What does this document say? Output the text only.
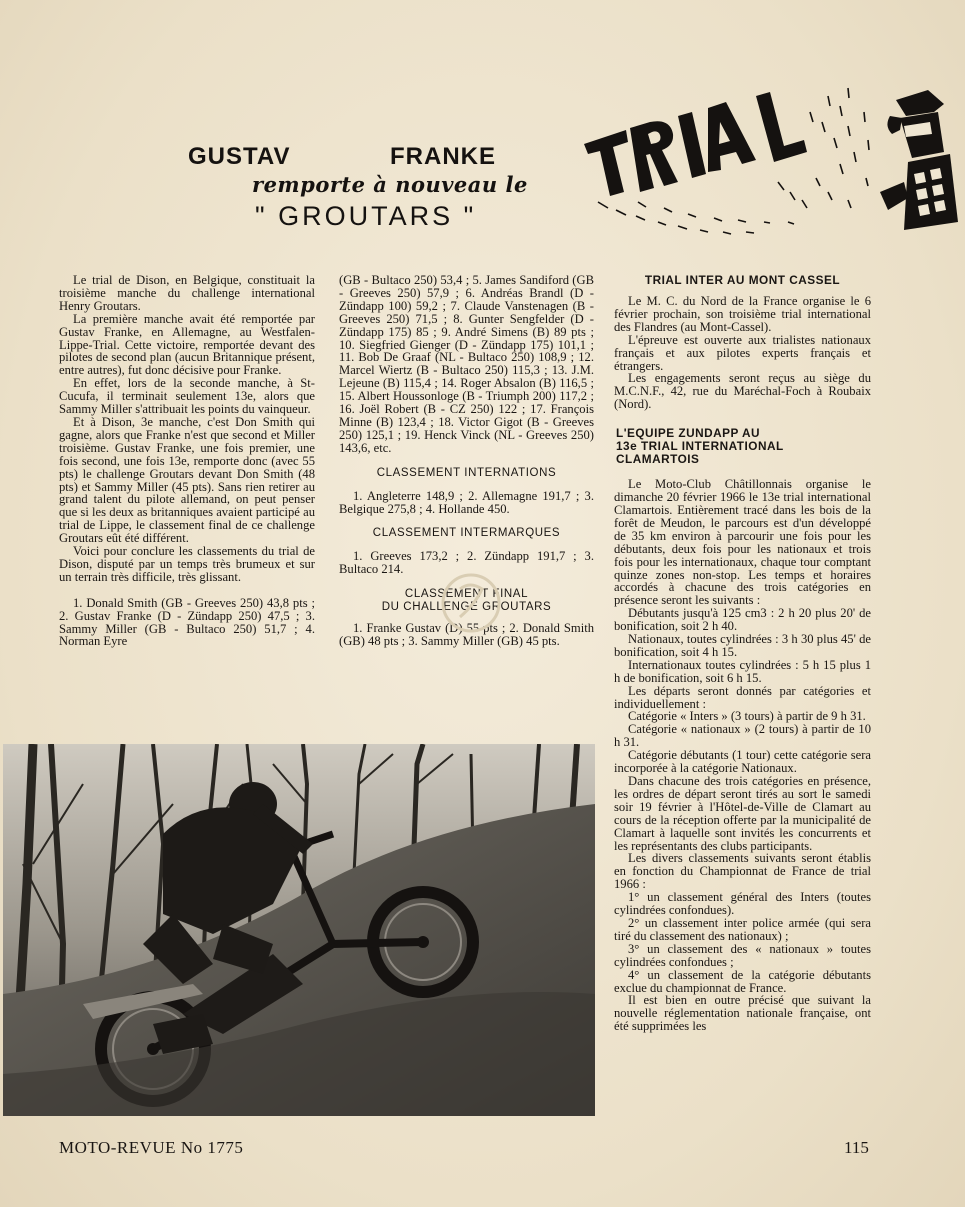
GUSTAV	FRANKE
remporte à nouveau le
" GROUTARS "

Le trial de Dison, en Belgique, constituait la troisième manche du challenge international Henry Groutars.

La première manche avait été remportée par Gustav Franke, en Allemagne, au Westfalen-Lippe-Trial. Cette victoire, remportée devant des pilotes de second plan (aucun Britannique présent, entre autres), fut donc décisive pour Franke.

En effet, lors de la seconde manche, à St-Cucufa, il terminait seulement 13e, alors que Sammy Miller s'attribuait les points du vainqueur.

Et à Dison, 3e manche, c'est Don Smith qui gagne, alors que Franke n'est que second et Miller troisième. Gustav Franke, une fois premier, une fois second, une fois 13e, remporte donc (avec 55 pts) le challenge Groutars devant Don Smith (48 pts) et Sammy Miller (45 pts). Sans rien retirer au grand talent du pilote allemand, on peut penser que si les deux as britanniques avaient participé au trial de Lippe, le classement final de ce challenge Groutars eût été différent.

Voici pour conclure les classements du trial de Dison, disputé par un temps très brumeux et sur un terrain très difficile, très glissant.

1. Donald Smith (GB - Greeves 250) 43,8 pts ; 2. Gustav Franke (D - Zündapp 250) 47,5 ; 3. Sammy Miller (GB - Bultaco 250) 51,7 ; 4. Norman Eyre

(GB - Bultaco 250) 53,4 ; 5. James Sandiford (GB - Greeves 250) 57,9 ; 6. Andréas Brandl (D - Zündapp 100) 59,2 ; 7. Claude Vanstenagen (B - Greeves 250) 71,5 ; 8. Gunter Sengfelder (D - Zündapp 175) 85 ; 9. André Simens (B) 89 pts ; 10. Siegfried Gienger (D - Zündapp 175) 101,1 ; 11. Bob De Graaf (NL - Bultaco 250) 108,9 ; 12. Marcel Wiertz (B - Bultaco 250) 115,3 ; 13. J.M. Lejeune (B) 115,4 ; 14. Roger Absalon (B) 116,5 ; 15. Albert Houssonloge (B - Triumph 200) 117,2 ; 16. Joël Robert (B - CZ 250) 122 ; 17. François Minne (B) 123,4 ; 18. Victor Gigot (B - Greeves 250) 125,1 ; 19. Henck Vinck (NL - Greeves 250) 143,6, etc.

CLASSEMENT INTERNATIONS

1. Angleterre 148,9 ; 2. Allemagne 191,7 ; 3. Belgique 275,8 ; 4. Hollande 450.

CLASSEMENT INTERMARQUES

1. Greeves 173,2 ; 2. Zündapp 191,7 ; 3. Bultaco 214.

CLASSEMENT FINAL
DU CHALLENGE GROUTARS

1. Franke Gustav (D) 55 pts ; 2. Donald Smith (GB) 48 pts ; 3. Sammy Miller (GB) 45 pts.

TRIAL INTER AU MONT CASSEL

Le M. C. du Nord de la France organise le 6 février prochain, son troisième trial international des Flandres (au Mont-Cassel).

L'épreuve est ouverte aux trialistes nationaux français et aux pilotes experts français et étrangers.

Les engagements seront reçus au siège du M.C.N.F., 42, rue du Maréchal-Foch à Roubaix (Nord).

L'EQUIPE ZUNDAPP AU
13e TRIAL INTERNATIONAL
CLAMARTOIS

Le Moto-Club Châtillonnais organise le dimanche 20 février 1966 le 13e trial international Clamartois. Entièrement tracé dans les bois de la forêt de Meudon, le parcours est d'un développé de 35 km environ à parcourir une fois pour les débutants, deux fois pour les nationaux et trois fois pour les internationaux, chaque tour comptant quinze zones non-stop. Les temps et horaires accordés à chacune des trois catégories en présence seront les suivants :

Débutants jusqu'à 125 cm3 : 2 h 20 plus 20' de bonification, soit 2 h 40.

Nationaux, toutes cylindrées : 3 h 30 plus 45' de bonification, soit 4 h 15.

Internationaux toutes cylindrées : 5 h 15 plus 1 h de bonification, soit 6 h 15.

Les départs seront donnés par catégories et individuellement :

Catégorie « Inters » (3 tours) à partir de 9 h 31.

Catégorie « nationaux » (2 tours) à partir de 10 h 31.

Catégorie débutants (1 tour) cette catégorie sera incorporée à la catégorie Nationaux.

Dans chacune des trois catégories en présence, les ordres de départ seront tirés au sort le samedi soir 19 février à l'Hôtel-de-Ville de Clamart au cours de la réception offerte par la municipalité de Clamart à laquelle sont invités les concurrents et les représentants des clubs participants.

Les divers classements suivants seront établis en fonction du Championnat de France de trial 1966 :

1° un classement général des Inters (toutes cylindrées confondues).

2° un classement inter police armée (qui sera tiré du classement des nationaux) ;

3° un classement des « nationaux » toutes cylindrées confondues ;

4° un classement de la catégorie débutants exclue du championnat de France.

Il est bien en outre précisé que suivant la nouvelle réglementation nationale française, ont été supprimées les

MOTO-REVUE No 1775	115
